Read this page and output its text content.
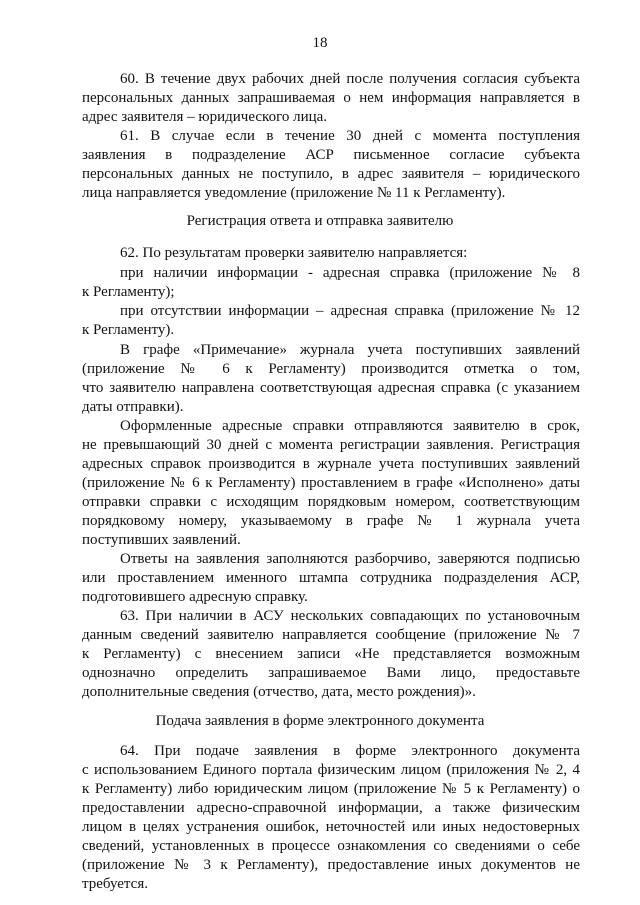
18
60. В течение двух рабочих дней после получения согласия субъекта
персональных данных запрашиваемая о нем информация направляется в
адрес заявителя – юридического лица.
61. В случае если в течение 30 дней с момента поступления
заявления в подразделение АСР письменное согласие субъекта
персональных данных не поступило, в адрес заявителя – юридического
лица направляется уведомление (приложение № 11 к Регламенту).
Регистрация ответа и отправка заявителю
62. По результатам проверки заявителю направляется:
при наличии информации - адресная справка (приложение № 8
к Регламенту);
при отсутствии информации – адресная справка (приложение № 12
к Регламенту).
В графе «Примечание» журнала учета поступивших заявлений
(приложение № 6 к Регламенту) производится отметка о том,
что заявителю направлена соответствующая адресная справка (с указанием
даты отправки).
Оформленные адресные справки отправляются заявителю в срок,
не превышающий 30 дней с момента регистрации заявления. Регистрация
адресных справок производится в журнале учета поступивших заявлений
(приложение № 6 к Регламенту) проставлением в графе «Исполнено» даты
отправки справки с исходящим порядковым номером, соответствующим
порядковому номеру, указываемому в графе № 1 журнала учета
поступивших заявлений.
Ответы на заявления заполняются разборчиво, заверяются подписью
или проставлением именного штампа сотрудника подразделения АСР,
подготовившего адресную справку.
63. При наличии в АСУ нескольких совпадающих по установочным
данным сведений заявителю направляется сообщение (приложение № 7
к Регламенту) с внесением записи «Не представляется возможным
однозначно определить запрашиваемое Вами лицо, предоставьте
дополнительные сведения (отчество, дата, место рождения)».
Подача заявления в форме электронного документа
64. При подаче заявления в форме электронного документа
с использованием Единого портала физическим лицом (приложения № 2, 4
к Регламенту) либо юридическим лицом (приложение № 5 к Регламенту) о
предоставлении адресно-справочной информации, а также физическим
лицом в целях устранения ошибок, неточностей или иных недостоверных
сведений, установленных в процессе ознакомления со сведениями о себе
(приложение № 3 к Регламенту), предоставление иных документов не
требуется.
